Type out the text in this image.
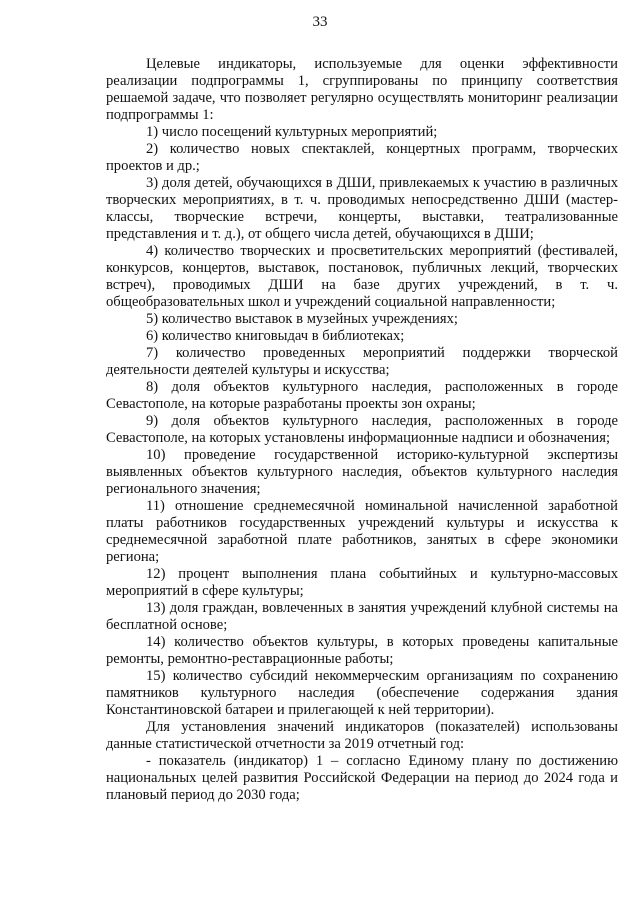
33

Целевые индикаторы, используемые для оценки эффективности реализации подпрограммы 1, сгруппированы по принципу соответствия решаемой задаче, что позволяет регулярно осуществлять мониторинг реализации подпрограммы 1:

1) число посещений культурных мероприятий;

2) количество новых спектаклей, концертных программ, творческих проектов и др.;

3) доля детей, обучающихся в ДШИ, привлекаемых к участию в различных творческих мероприятиях, в т. ч. проводимых непосредственно ДШИ (мастер-классы, творческие встречи, концерты, выставки, театрализованные представления и т. д.), от общего числа детей, обучающихся в ДШИ;

4) количество творческих и просветительских мероприятий (фестивалей, конкурсов, концертов, выставок, постановок, публичных лекций, творческих встреч), проводимых ДШИ на базе других учреждений, в т. ч. общеобразовательных школ и учреждений социальной направленности;

5) количество выставок в музейных учреждениях;

6) количество книговыдач в библиотеках;

7) количество проведенных мероприятий поддержки творческой деятельности деятелей культуры и искусства;

8) доля объектов культурного наследия, расположенных в городе Севастополе, на которые разработаны проекты зон охраны;

9) доля объектов культурного наследия, расположенных в городе Севастополе, на которых установлены информационные надписи и обозначения;

10) проведение государственной историко-культурной экспертизы выявленных объектов культурного наследия, объектов культурного наследия регионального значения;

11) отношение среднемесячной номинальной начисленной заработной платы работников государственных учреждений культуры и искусства к среднемесячной заработной плате работников, занятых в сфере экономики региона;

12) процент выполнения плана событийных и культурно-массовых мероприятий в сфере культуры;

13) доля граждан, вовлеченных в занятия учреждений клубной системы на бесплатной основе;

14) количество объектов культуры, в которых проведены капитальные ремонты, ремонтно-реставрационные работы;

15) количество субсидий некоммерческим организациям по сохранению памятников культурного наследия (обеспечение содержания здания Константиновской батареи и прилегающей к ней территории).

Для установления значений индикаторов (показателей) использованы данные статистической отчетности за 2019 отчетный год:

- показатель (индикатор) 1 – согласно Единому плану по достижению национальных целей развития Российской Федерации на период до 2024 года и плановый период до 2030 года;
